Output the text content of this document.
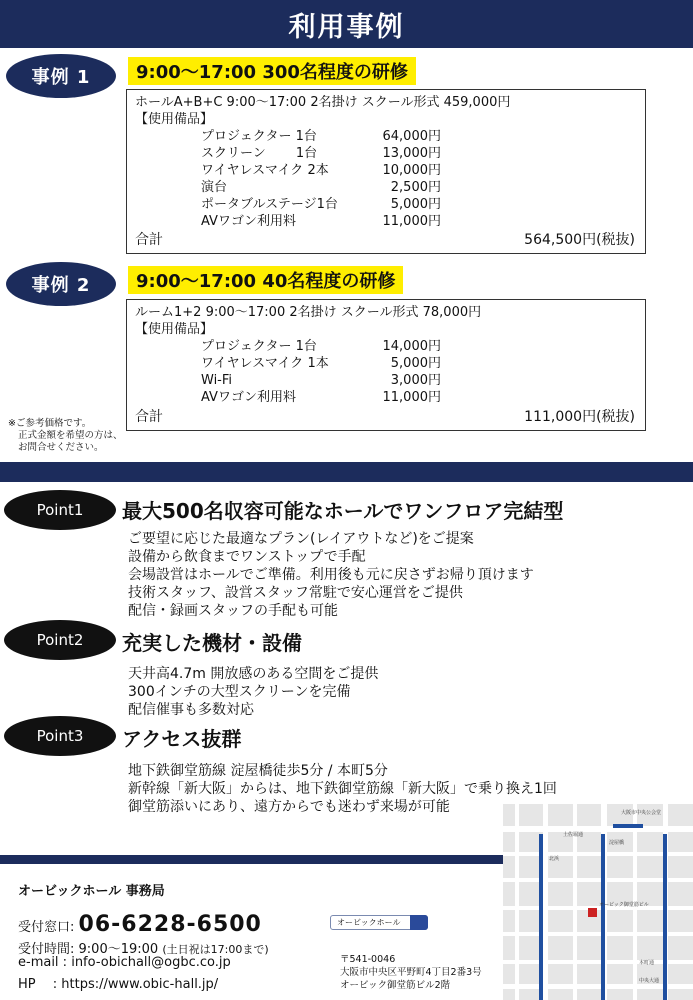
利用事例
事例 1	9:00～17:00 300名程度の研修
ホールA+B+C 9:00～17:00 2名掛け スクール形式 459,000円
【使用備品】
プロジェクター 1台	64,000円
スクリーン　　 1台	13,000円
ワイヤレスマイク 2本	10,000円
演台	2,500円
ポータブルステージ1台	5,000円
AVワゴン利用料	11,000円
合計	564,500円(税抜)
事例 2	9:00～17:00 40名程度の研修
ルーム1+2 9:00～17:00 2名掛け スクール形式 78,000円
【使用備品】
プロジェクター 1台	14,000円
ワイヤレスマイク 1本	5,000円
Wi-Fi	3,000円
AVワゴン利用料	11,000円
合計	111,000円(税抜)
※ご参考価格です。
正式金額を希望の方は、
お問合せください。
Point1	最大500名収容可能なホールでワンフロア完結型
ご要望に応じた最適なプラン(レイアウトなど)をご提案
設備から飲食までワンストップで手配
会場設営はホールでご準備。利用後も元に戻さずお帰り頂けます
技術スタッフ、設営スタッフ常駐で安心運営をご提供
配信・録画スタッフの手配も可能
Point2	充実した機材・設備
天井高4.7m 開放感のある空間をご提供
300インチの大型スクリーンを完備
配信催事も多数対応
Point3	アクセス抜群
地下鉄御堂筋線 淀屋橋徒歩5分 / 本町5分
新幹線「新大阪」からは、地下鉄御堂筋線「新大阪」で乗り換え1回
御堂筋添いにあり、遠方からでも迷わず来場が可能	大阪市中央公会堂
土佐堀通
淀屋橋
北浜
本町通
中央大通
オービック御堂筋ビル
オービックホール 事務局
受付窓口: 06-6228-6500
受付時間: 9:00～19:00 (土日祝は17:00まで)
e-mail : info-obichall@ogbc.co.jp
HP　 : https://www.obic-hall.jp/
オービックホール
〒541-0046
大阪市中央区平野町4丁目2番3号
オービック御堂筋ビル2階
